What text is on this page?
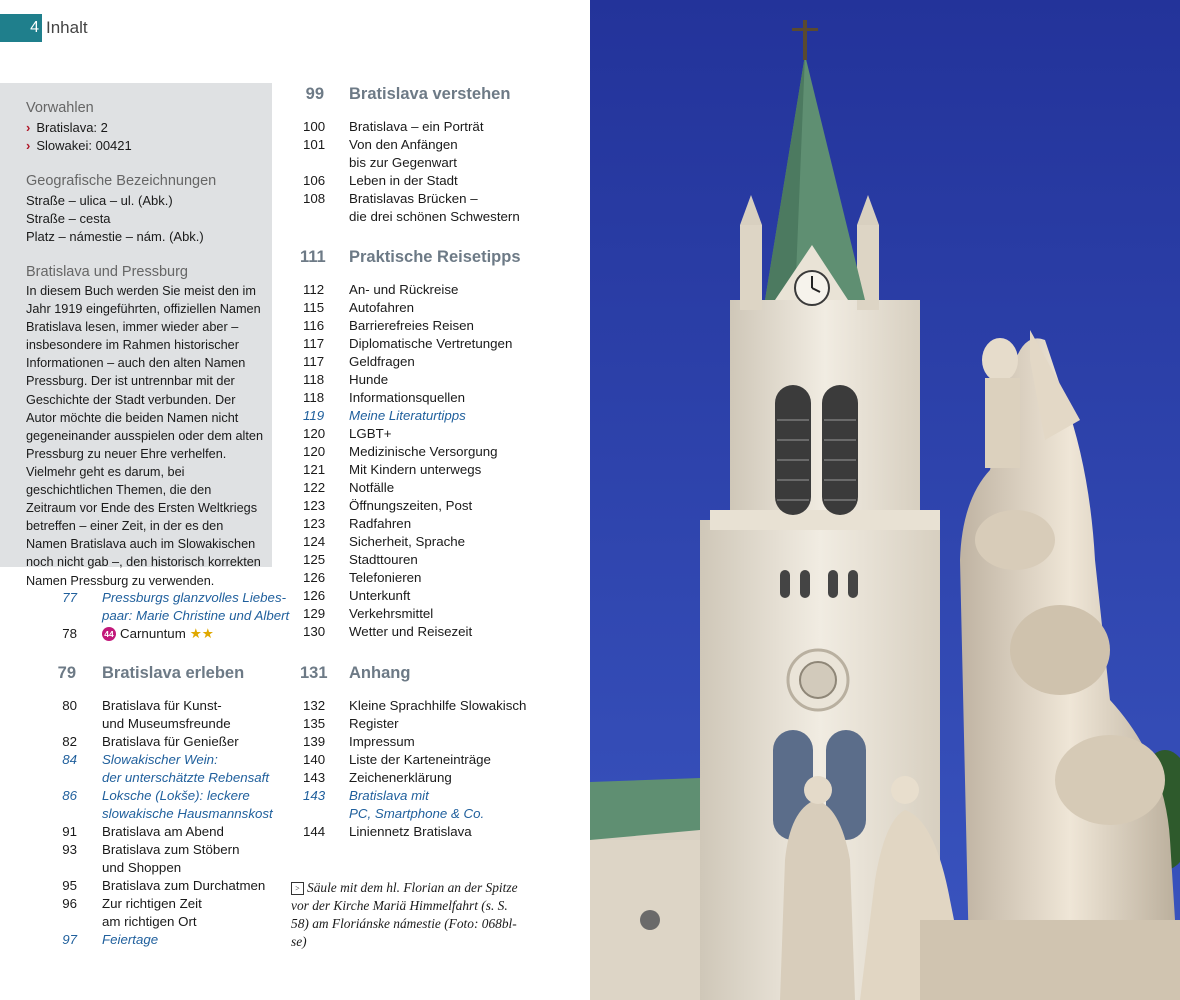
4 Inhalt
Vorwahlen
› Bratislava: 2
› Slowakei: 00421
Geografische Bezeichnungen
Straße – ulica – ul. (Abk.)
Straße – cesta
Platz – námestie – nám. (Abk.)
Bratislava und Pressburg
In diesem Buch werden Sie meist den im Jahr 1919 eingeführten, offiziellen Namen Bratislava lesen, immer wieder aber – insbesondere im Rahmen historischer Informationen – auch den alten Namen Pressburg. Der ist untrennbar mit der Geschichte der Stadt verbunden. Der Autor möchte die beiden Namen nicht gegeneinander ausspielen oder dem alten Pressburg zu neuer Ehre verhelfen. Vielmehr geht es darum, bei geschichtlichen Themen, die den Zeitraum vor Ende des Ersten Weltkriegs betreffen – einer Zeit, in der es den Namen Bratislava auch im Slowakischen noch nicht gab –, den historisch korrekten Namen Pressburg zu verwenden.
77 Pressburgs glanzvolles Liebes-
paar: Marie Christine und Albert
78	44 Carnuntum ★★
79 Bratislava erleben
80 Bratislava für Kunst-
und Museumsfreunde
82 Bratislava für Genießer
84 Slowakischer Wein:
der unterschätzte Rebensaft
86 Loksche (Lokše): leckere
slowakische Hausmannskost
91 Bratislava am Abend
93 Bratislava zum Stöbern
und Shoppen
95 Bratislava zum Durchatmen
96 Zur richtigen Zeit
am richtigen Ort
97 Feiertage
99 Bratislava verstehen
100 Bratislava – ein Porträt
101 Von den Anfängen
bis zur Gegenwart
106 Leben in der Stadt
108 Bratislavas Brücken –
die drei schönen Schwestern
111 Praktische Reisetipps
112 An- und Rückreise
115 Autofahren
116 Barrierefreies Reisen
117 Diplomatische Vertretungen
117 Geldfragen
118 Hunde
118 Informationsquellen
119 Meine Literaturtipps
120 LGBT+
120 Medizinische Versorgung
121 Mit Kindern unterwegs
122 Notfälle
123 Öffnungszeiten, Post
123 Radfahren
124 Sicherheit, Sprache
125 Stadttouren
126 Telefonieren
126 Unterkunft
129 Verkehrsmittel
130 Wetter und Reisezeit
131 Anhang
132 Kleine Sprachhilfe Slowakisch
135 Register
139 Impressum
140 Liste der Karteneinträge
143 Zeichenerklärung
143 Bratislava mit
PC, Smartphone & Co.
144 Liniennetz Bratislava
> Säule mit dem hl. Florian an der Spitze vor der Kirche Mariä Himmelfahrt (s. S. 58) am Floriánske námestie (Foto: 068bl-se)
